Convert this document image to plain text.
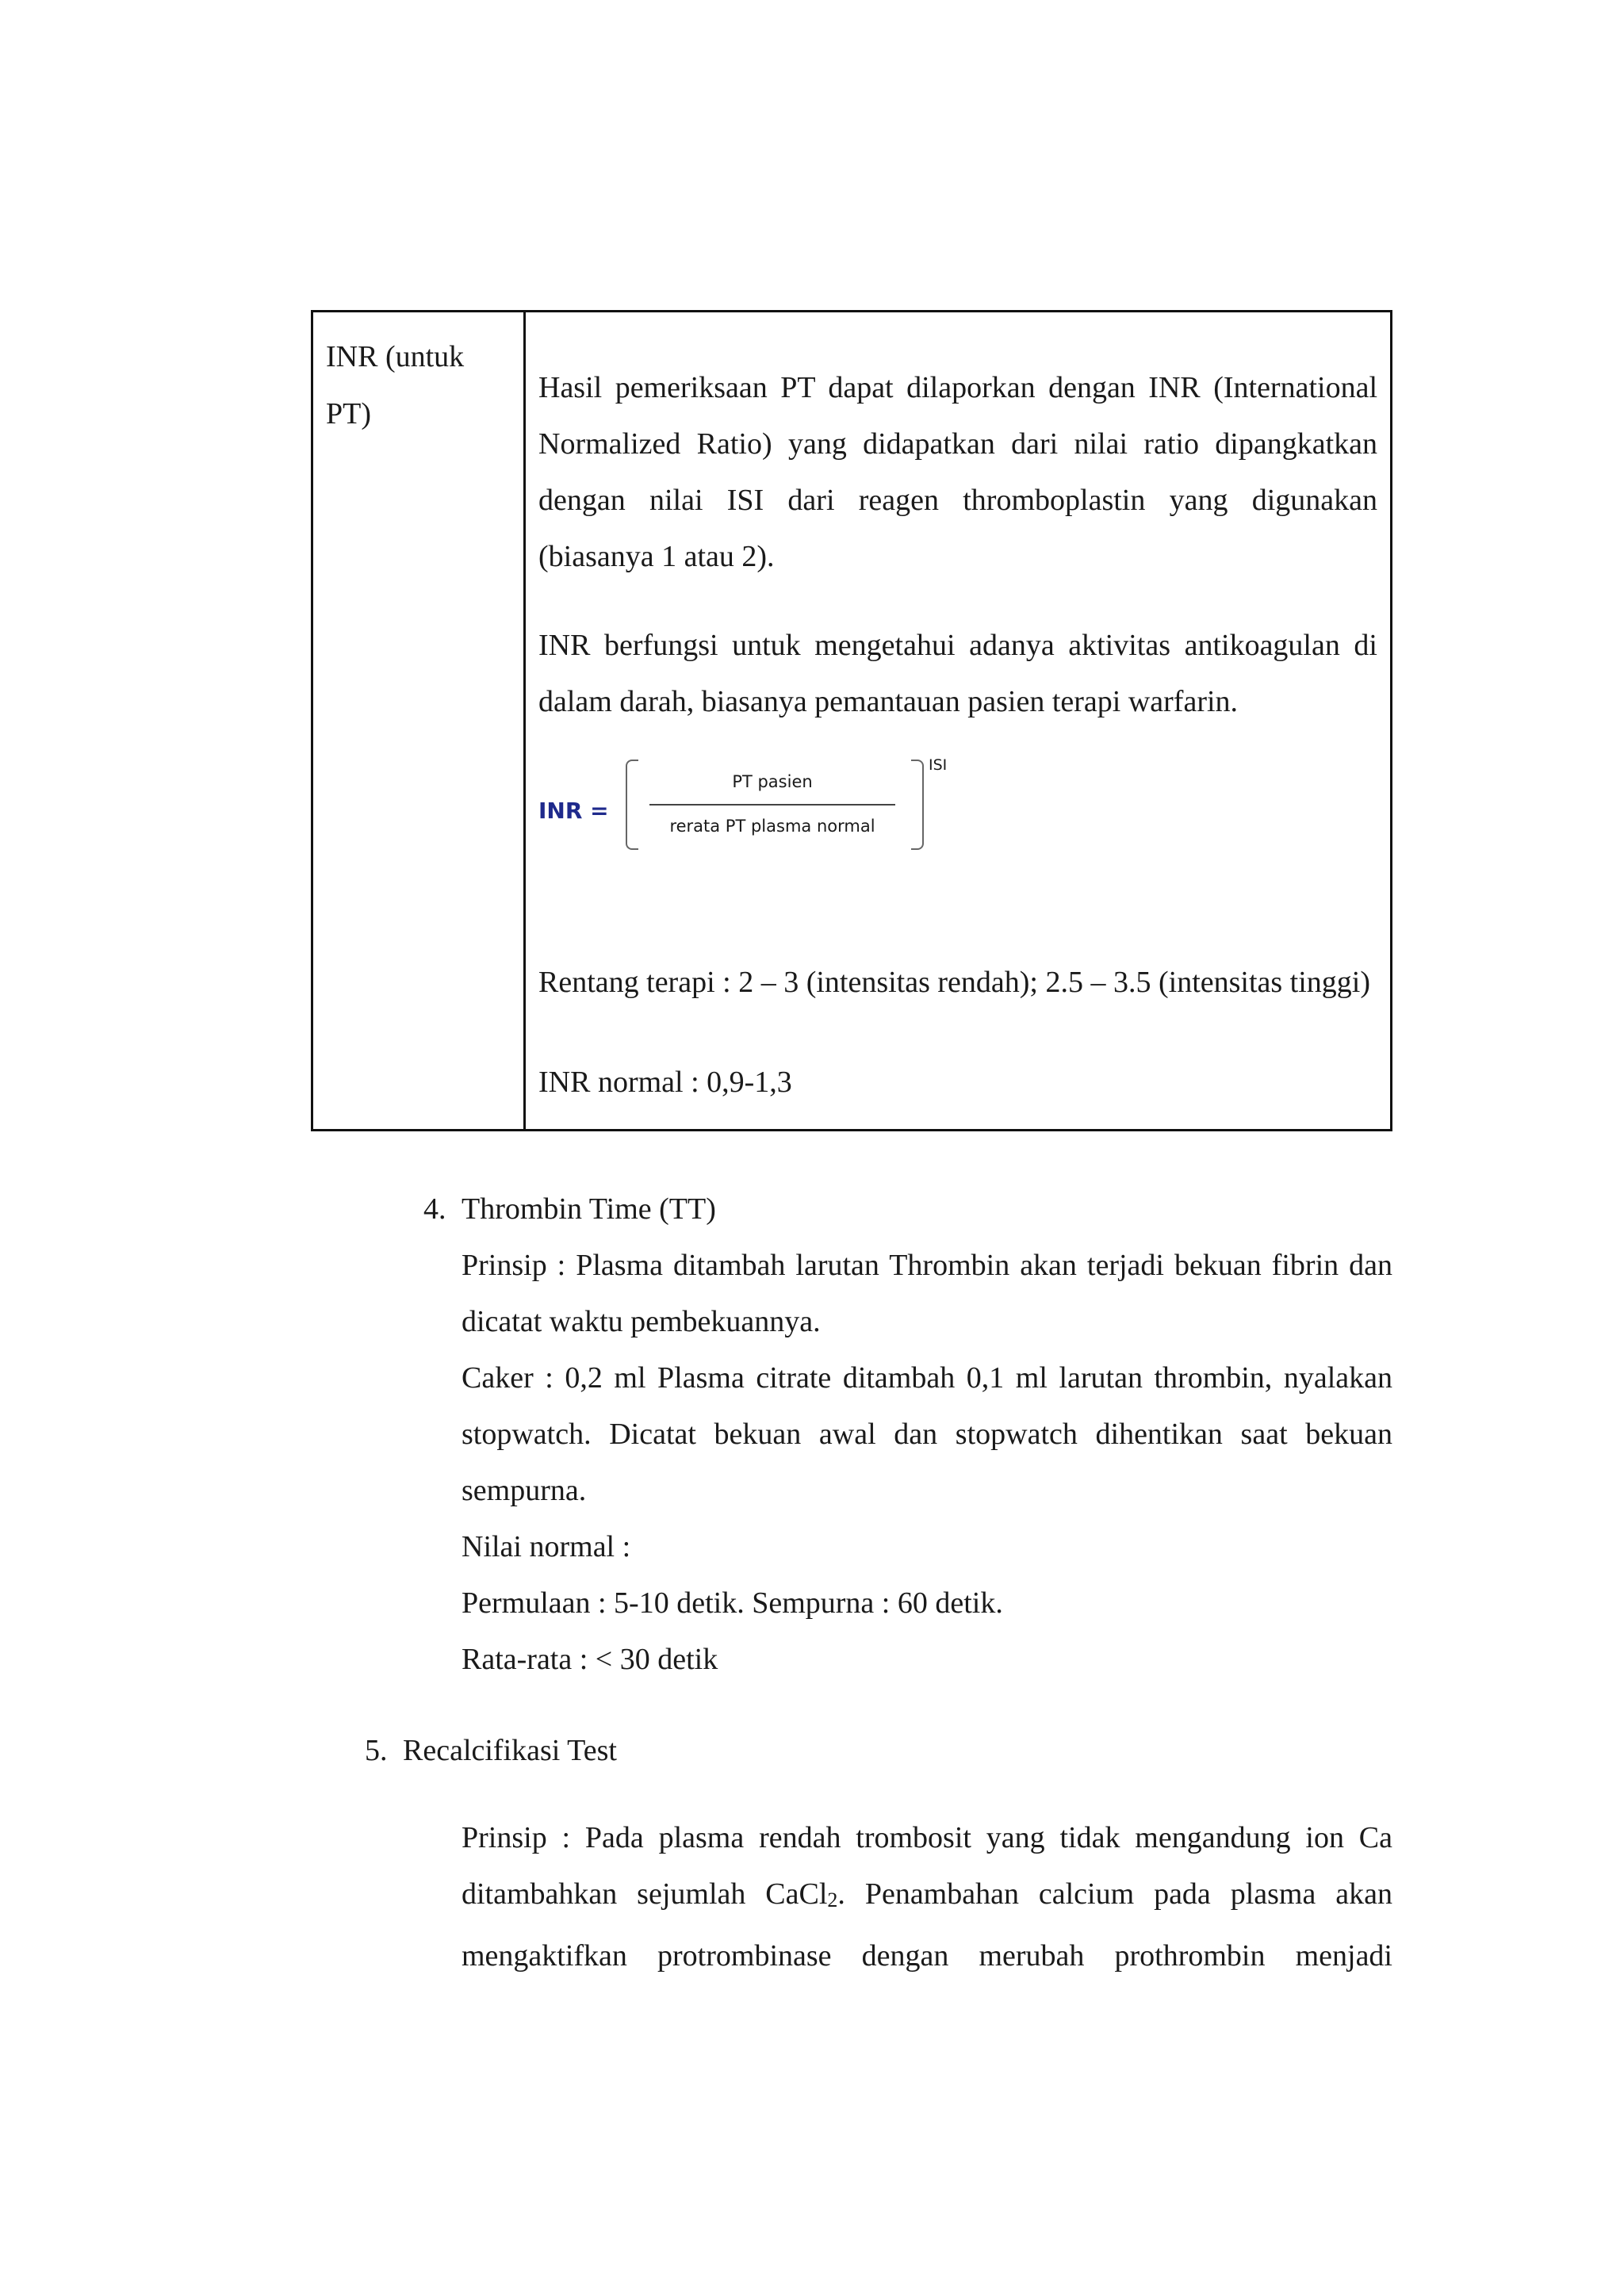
INR (untuk PT)

Hasil pemeriksaan PT dapat dilaporkan dengan INR (International Normalized Ratio) yang didapatkan dari nilai ratio dipangkatkan dengan nilai ISI dari reagen thromboplastin yang digunakan (biasanya 1 atau 2).

INR berfungsi untuk mengetahui adanya aktivitas antikoagulan di dalam darah, biasanya pemantauan pasien terapi warfarin.

INR =
PT pasien
rerata PT plasma normal
ISI

Rentang terapi : 2 – 3 (intensitas rendah); 2.5 – 3.5 (intensitas tinggi)

INR normal : 0,9-1,3

4. Thrombin Time (TT)

Prinsip : Plasma ditambah larutan Thrombin akan terjadi bekuan fibrin dan dicatat waktu pembekuannya.

Caker : 0,2 ml Plasma citrate ditambah 0,1 ml larutan thrombin, nyalakan stopwatch. Dicatat bekuan awal dan stopwatch dihentikan saat bekuan sempurna.

Nilai normal :

Permulaan : 5-10 detik. Sempurna : 60 detik.

Rata-rata : < 30 detik

5. Recalcifikasi Test

Prinsip : Pada plasma rendah trombosit yang tidak mengandung ion Ca ditambahkan sejumlah CaCl$_2$. Penambahan calcium pada plasma akan mengaktifkan protrombinase dengan merubah prothrombin menjadi
